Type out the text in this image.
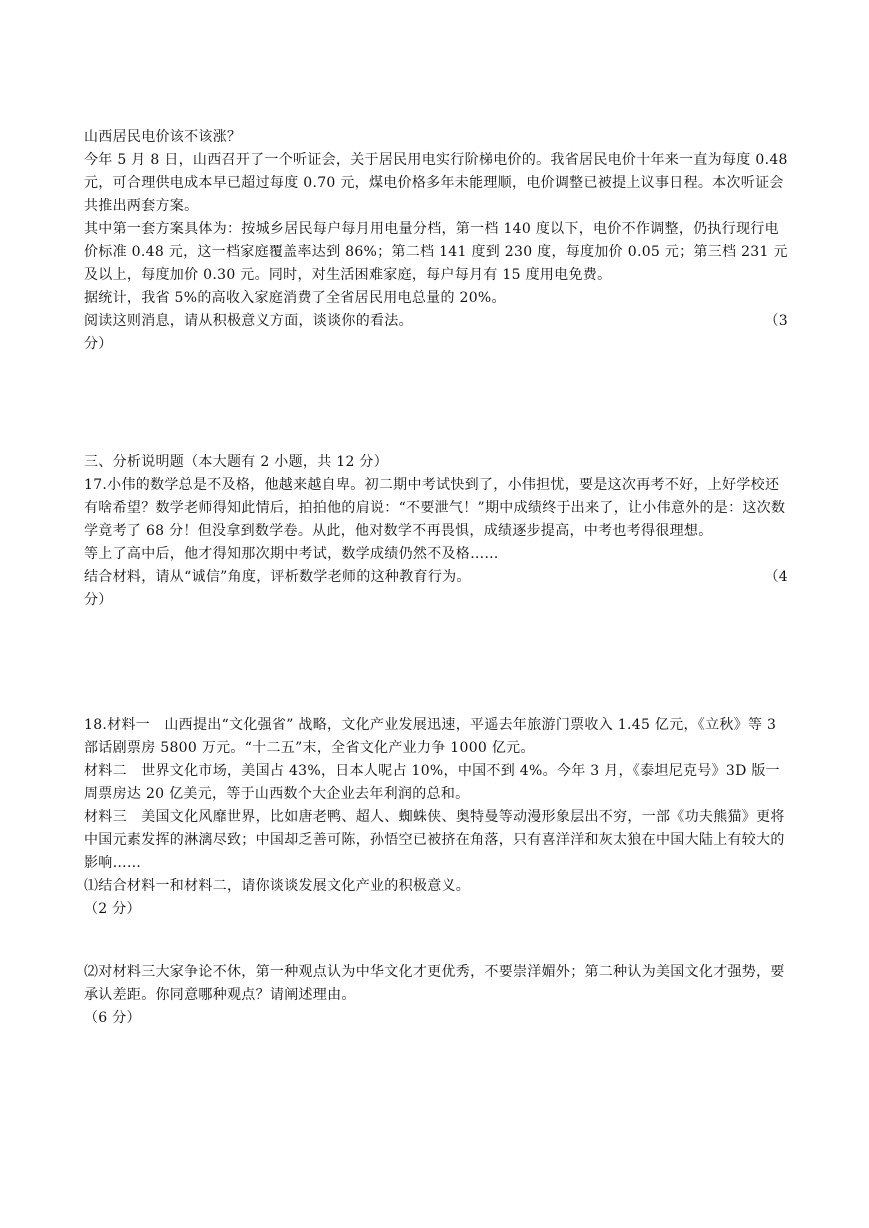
山西居民电价该不该涨？

今年 5 月 8 日，山西召开了一个听证会，关于居民用电实行阶梯电价的。我省居民电价十年来一直为每度 0.48 元，可合理供电成本早已超过每度 0.70 元，煤电价格多年未能理顺，电价调整已被提上议事日程。本次听证会共推出两套方案。

其中第一套方案具体为：按城乡居民每户每月用电量分档，第一档 140 度以下，电价不作调整，仍执行现行电价标准 0.48 元，这一档家庭覆盖率达到 86%；第二档 141 度到 230 度，每度加价 0.05 元；第三档 231 元及以上，每度加价 0.30 元。同时，对生活困难家庭，每户每月有 15 度用电免费。

据统计，我省 5%的高收入家庭消费了全省居民用电总量的 20%。

阅读这则消息，请从积极意义方面，谈谈你的看法。	（3

分）

三、分析说明题（本大题有 2 小题，共 12 分）

17.小伟的数学总是不及格，他越来越自卑。初二期中考试快到了，小伟担忧，要是这次再考不好，上好学校还有啥希望？数学老师得知此情后，拍拍他的肩说：“不要泄气！”期中成绩终于出来了，让小伟意外的是：这次数学竟考了 68 分！但没拿到数学卷。从此，他对数学不再畏惧，成绩逐步提高，中考也考得很理想。

等上了高中后，他才得知那次期中考试，数学成绩仍然不及格……

结合材料，请从“诚信”角度，评析数学老师的这种教育行为。	（4

分）

18.材料一　山西提出“文化强省” 战略，文化产业发展迅速，平遥去年旅游门票收入 1.45 亿元，《立秋》等 3 部话剧票房 5800 万元。“十二五”末，全省文化产业力争 1000 亿元。

材料二　世界文化市场，美国占 43%，日本人呢占 10%，中国不到 4%。今年 3 月，《泰坦尼克号》3D 版一周票房达 20 亿美元，等于山西数个大企业去年利润的总和。

材料三　美国文化风靡世界，比如唐老鸭、超人、蜘蛛侠、奥特曼等动漫形象层出不穷，一部《功夫熊猫》更将中国元素发挥的淋漓尽致；中国却乏善可陈，孙悟空已被挤在角落，只有喜洋洋和灰太狼在中国大陆上有较大的影响……

⑴结合材料一和材料二，请你谈谈发展文化产业的积极意义。

（2 分）

⑵对材料三大家争论不休，第一种观点认为中华文化才更优秀，不要崇洋媚外；第二种认为美国文化才强势，要承认差距。你同意哪种观点？请阐述理由。

（6 分）
